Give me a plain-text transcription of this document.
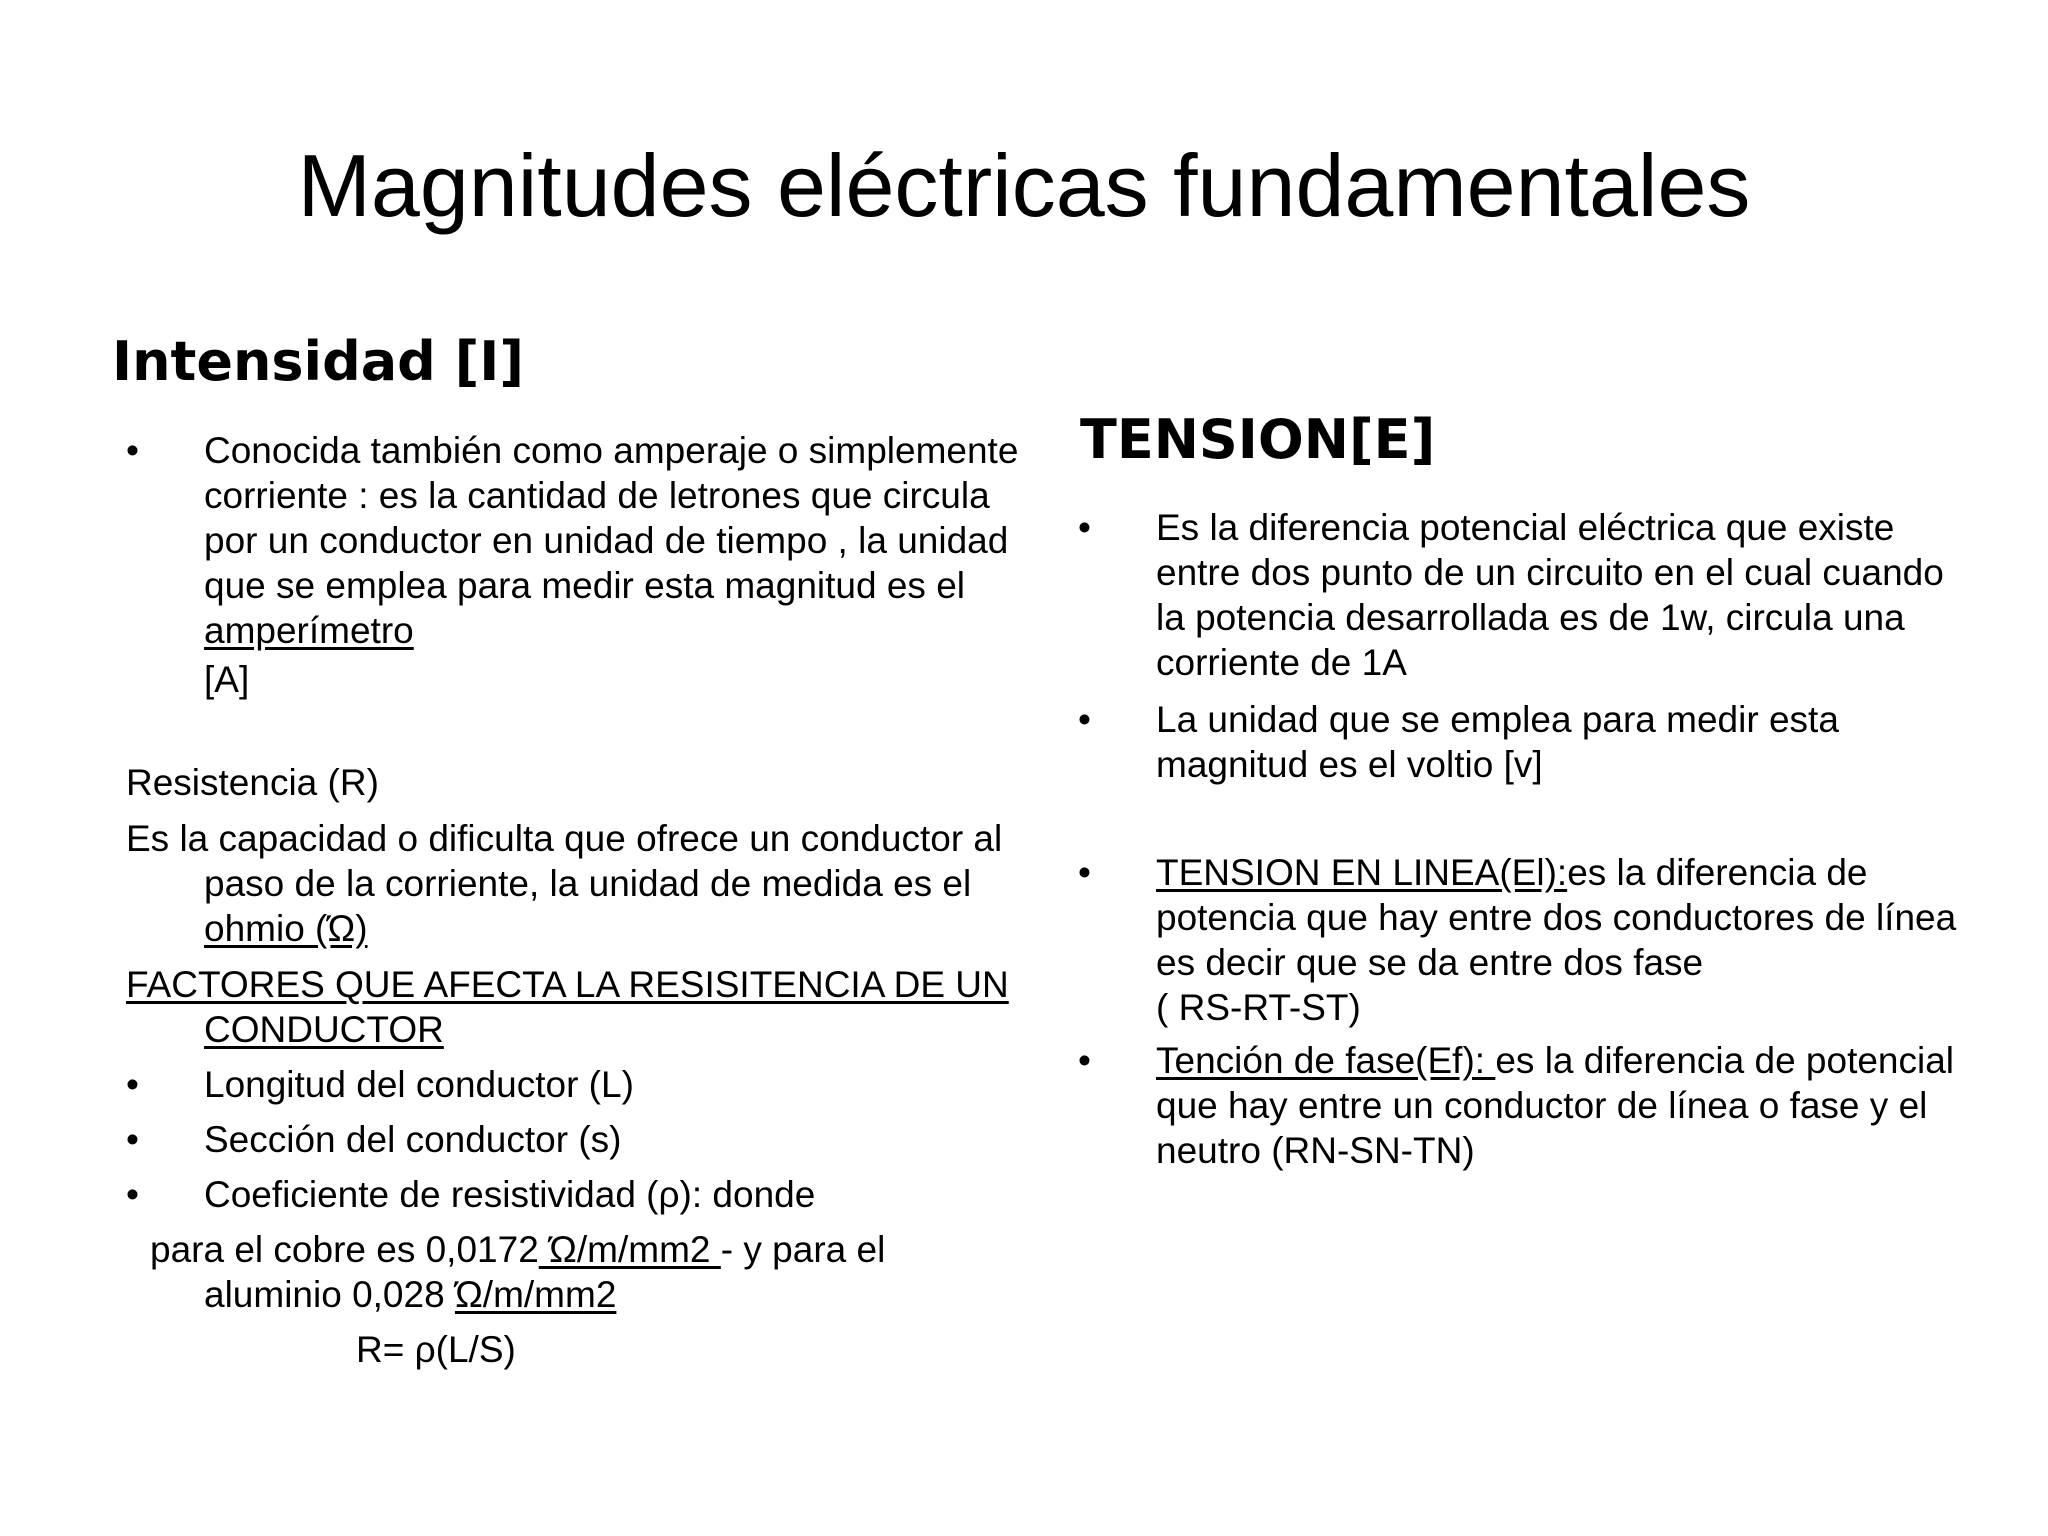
Magnitudes eléctricas fundamentales
Intensidad [I]
•	Conocida también como amperaje o simplemente corriente : es la cantidad de letrones que circula por un conductor en unidad de tiempo , la unidad que se emplea para medir esta magnitud es el amperímetro
[A]
Resistencia (R)
Es la capacidad o dificulta que ofrece un conductor al paso de la corriente, la unidad de medida es el ohmio (Ώ)
FACTORES QUE AFECTA LA RESISITENCIA DE UN CONDUCTOR
•	Longitud del conductor (L)
•	Sección del conductor (s)
•	Coeficiente de resistividad (ρ): donde
para el cobre es 0,0172 Ώ/m/mm2 - y para el aluminio 0,028 Ώ/m/mm2
R= ρ(L/S)
TENSION[E]
•	Es la diferencia potencial eléctrica que existe entre dos punto de un circuito en el cual cuando la potencia desarrollada es de 1w, circula una corriente de 1A
•	La unidad que se emplea para medir esta magnitud es el voltio [v]
•	TENSION EN LINEA(El):es la diferencia de potencia que hay entre dos conductores de línea es decir que se da entre dos fase
( RS-RT-ST)
•	Tención de fase(Ef): es la diferencia de potencial que hay entre un conductor de línea o fase y el neutro (RN-SN-TN)
